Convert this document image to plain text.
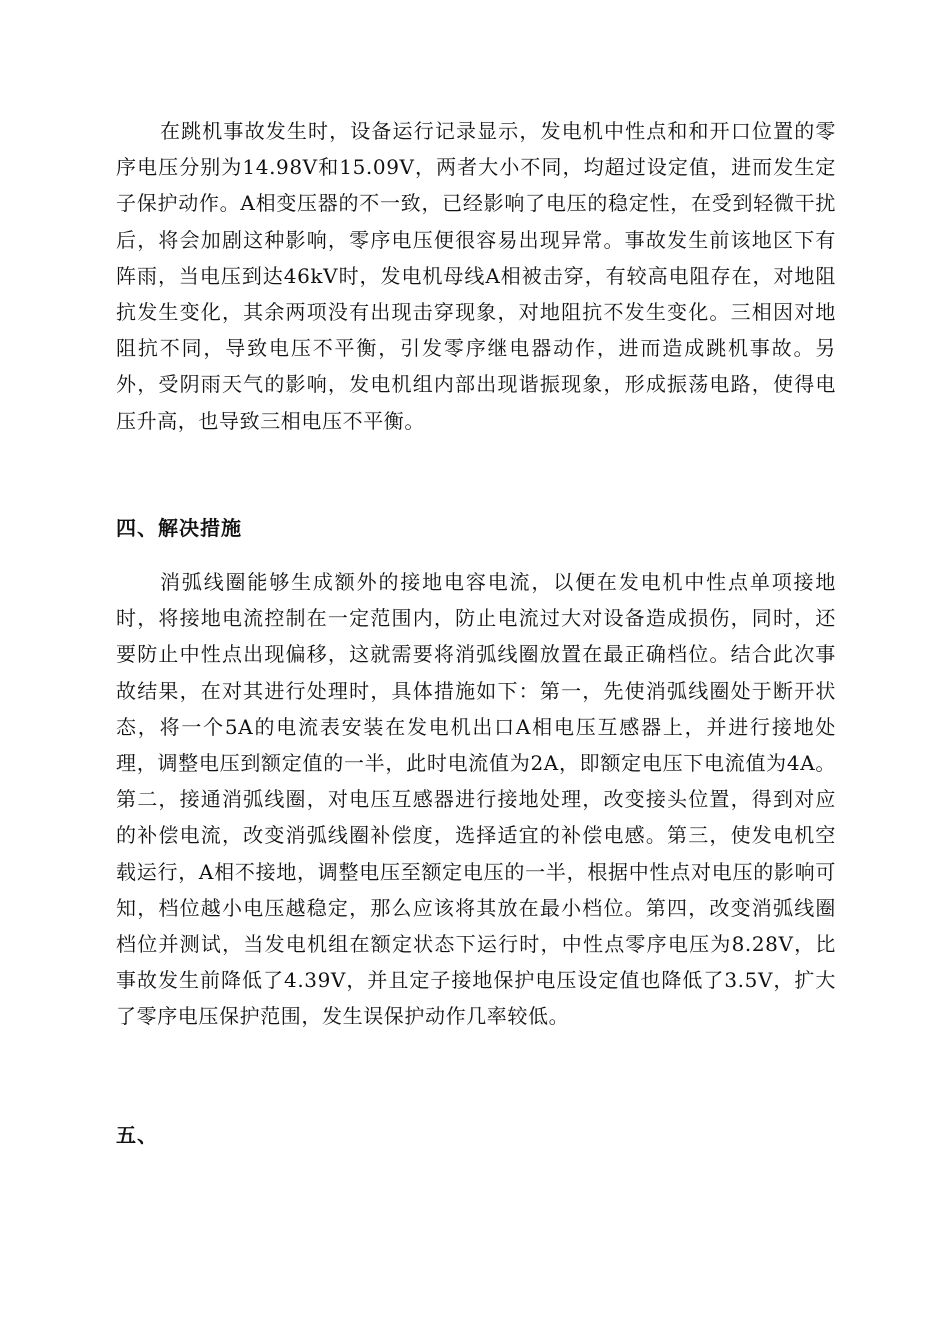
在跳机事故发生时，设备运行记录显示，发电机中性点和和开口位置的零序电压分别为14.98V和15.09V，两者大小不同，均超过设定值，进而发生定子保护动作。A相变压器的不一致，已经影响了电压的稳定性，在受到轻微干扰后，将会加剧这种影响，零序电压便很容易出现异常。事故发生前该地区下有阵雨，当电压到达46kV时，发电机母线A相被击穿，有较高电阻存在，对地阻抗发生变化，其余两项没有出现击穿现象，对地阻抗不发生变化。三相因对地阻抗不同，导致电压不平衡，引发零序继电器动作，进而造成跳机事故。另外，受阴雨天气的影响，发电机组内部出现谐振现象，形成振荡电路，使得电压升高，也导致三相电压不平衡。

四、解决措施

消弧线圈能够生成额外的接地电容电流，以便在发电机中性点单项接地时，将接地电流控制在一定范围内，防止电流过大对设备造成损伤，同时，还要防止中性点出现偏移，这就需要将消弧线圈放置在最正确档位。结合此次事故结果，在对其进行处理时，具体措施如下：第一，先使消弧线圈处于断开状态，将一个5A的电流表安装在发电机出口A相电压互感器上，并进行接地处理，调整电压到额定值的一半，此时电流值为2A，即额定电压下电流值为4A。第二，接通消弧线圈，对电压互感器进行接地处理，改变接头位置，得到对应的补偿电流，改变消弧线圈补偿度，选择适宜的补偿电感。第三，使发电机空载运行，A相不接地，调整电压至额定电压的一半，根据中性点对电压的影响可知，档位越小电压越稳定，那么应该将其放在最小档位。第四，改变消弧线圈档位并测试，当发电机组在额定状态下运行时，中性点零序电压为8.28V，比事故发生前降低了4.39V，并且定子接地保护电压设定值也降低了3.5V，扩大了零序电压保护范围，发生误保护动作几率较低。

五、
